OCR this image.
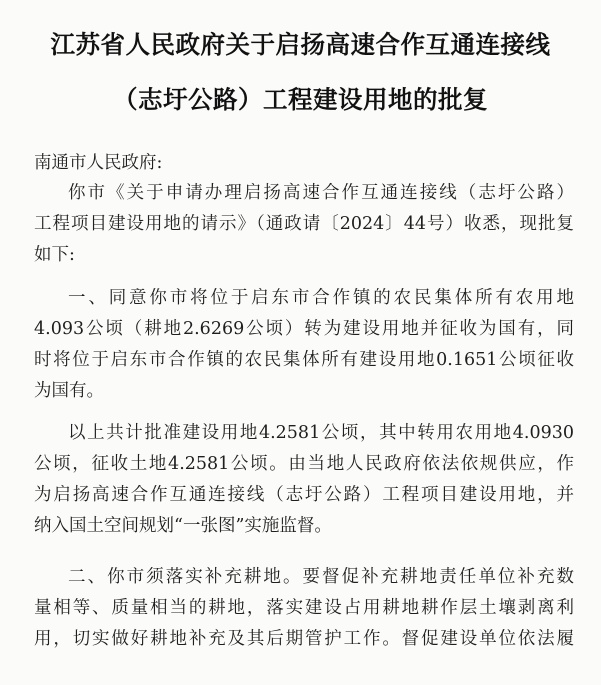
江苏省人民政府关于启扬高速合作互通连接线
（志圩公路）工程建设用地的批复
南通市人民政府:
你市《关于申请办理启扬高速合作互通连接线（志圩公路）
工程项目建设用地的请示》（通政请〔2024〕44号）收悉，现批复
如下:
一、同意你市将位于启东市合作镇的农民集体所有农用地
4.093公顷（耕地2.6269公顷）转为建设用地并征收为国有，同
时将位于启东市合作镇的农民集体所有建设用地0.1651公顷征收
为国有。
以上共计批准建设用地4.2581公顷，其中转用农用地4.0930
公顷，征收土地4.2581公顷。由当地人民政府依法依规供应，作
为启扬高速合作互通连接线（志圩公路）工程项目建设用地，并
纳入国土空间规划“一张图”实施监督。
二、你市须落实补充耕地。要督促补充耕地责任单位补充数
量相等、质量相当的耕地，落实建设占用耕地耕作层土壤剥离利
用，切实做好耕地补充及其后期管护工作。督促建设单位依法履
